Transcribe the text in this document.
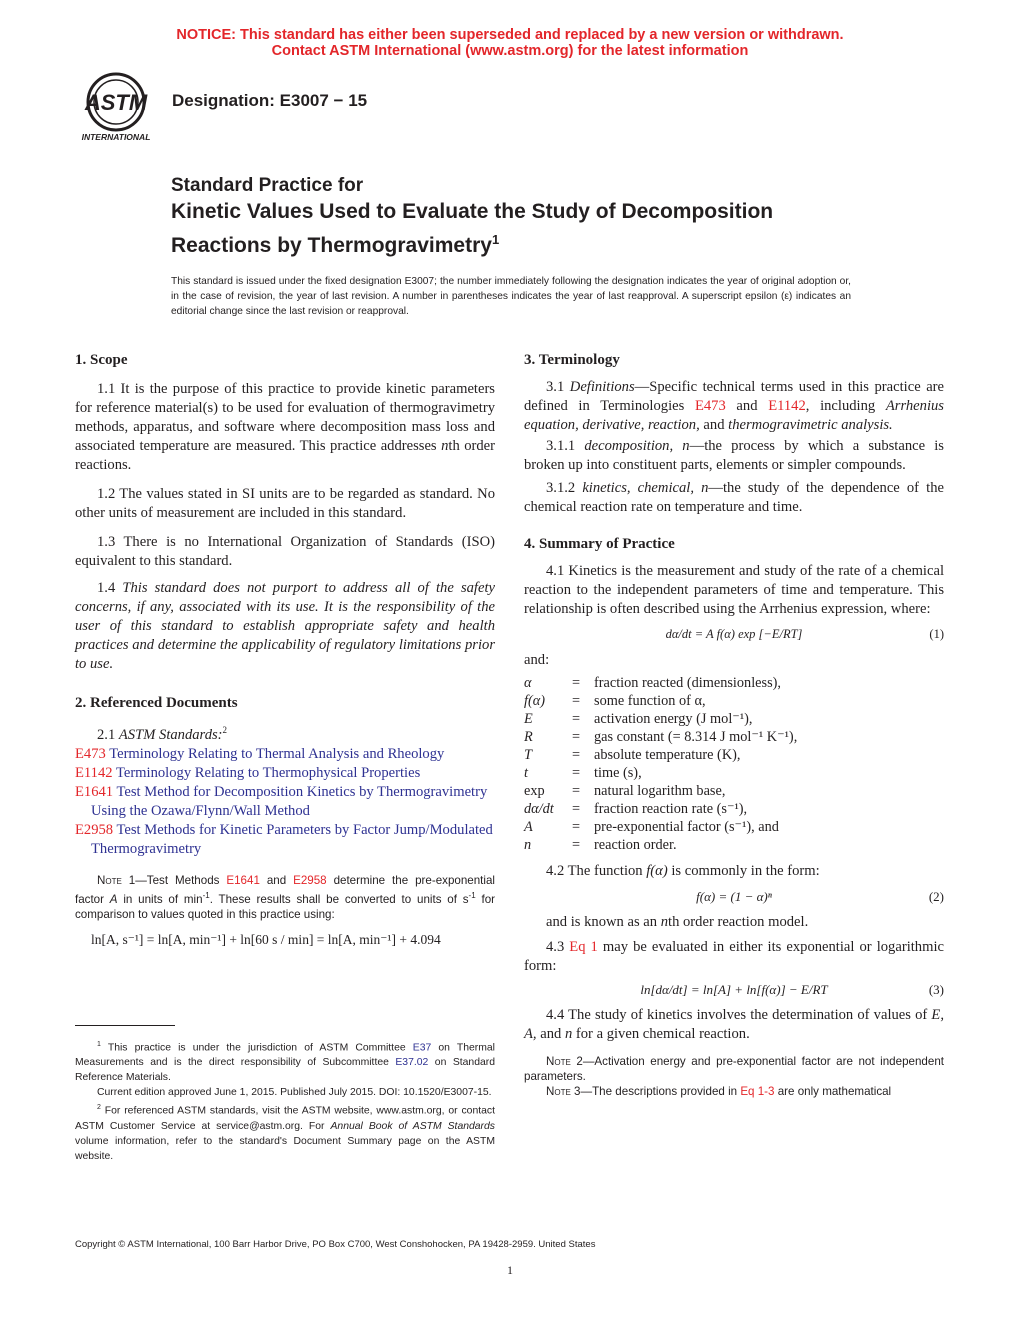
NOTICE: This standard has either been superseded and replaced by a new version or withdrawn.
Contact ASTM International (www.astm.org) for the latest information
ASTM
INTERNATIONAL
Designation: E3007 − 15
Standard Practice for
Kinetic Values Used to Evaluate the Study of Decomposition
Reactions by Thermogravimetry$^1$
This standard is issued under the fixed designation E3007; the number immediately following the designation indicates the year of original adoption or, in the case of revision, the year of last revision. A number in parentheses indicates the year of last reapproval. A superscript epsilon (ε) indicates an editorial change since the last revision or reapproval.
1. Scope

1.1 It is the purpose of this practice to provide kinetic parameters for reference material(s) to be used for evaluation of thermogravimetry methods, apparatus, and software where decomposition mass loss and associated temperature are measured. This practice addresses nth order reactions.

1.2 The values stated in SI units are to be regarded as standard. No other units of measurement are included in this standard.

1.3 There is no International Organization of Standards (ISO) equivalent to this standard.

1.4 This standard does not purport to address all of the safety concerns, if any, associated with its use. It is the responsibility of the user of this standard to establish appropriate safety and health practices and determine the applicability of regulatory limitations prior to use.

2. Referenced Documents

2.1 ASTM Standards:$^2$

E473 Terminology Relating to Thermal Analysis and Rheology
E1142 Terminology Relating to Thermophysical Properties
E1641 Test Method for Decomposition Kinetics by Thermogravimetry Using the Ozawa/Flynn/Wall Method
E2958 Test Methods for Kinetic Parameters by Factor Jump/Modulated Thermogravimetry

Note 1—Test Methods E1641 and E2958 determine the pre-exponential factor A in units of $\min^{-1}$. These results shall be converted to units of $s^{-1}$ for comparison to values quoted in this practice using:

ln[A, s⁻¹] = ln[A, min⁻¹] + ln[60 s / min] = ln[A, min⁻¹] + 4.094

$^1$ This practice is under the jurisdiction of ASTM Committee E37 on Thermal Measurements and is the direct responsibility of Subcommittee E37.02 on Standard Reference Materials.

Current edition approved June 1, 2015. Published July 2015. DOI: 10.1520/E3007-15.

$^2$ For referenced ASTM standards, visit the ASTM website, www.astm.org, or contact ASTM Customer Service at service@astm.org. For Annual Book of ASTM Standards volume information, refer to the standard's Document Summary page on the ASTM website.

3. Terminology

3.1 Definitions—Specific technical terms used in this practice are defined in Terminologies E473 and E1142, including Arrhenius equation, derivative, reaction, and thermogravimetric analysis.

3.1.1 decomposition, n—the process by which a substance is broken up into constituent parts, elements or simpler compounds.

3.1.2 kinetics, chemical, n—the study of the dependence of the chemical reaction rate on temperature and time.

4. Summary of Practice

4.1 Kinetics is the measurement and study of the rate of a chemical reaction to the independent parameters of time and temperature. This relationship is often described using the Arrhenius expression, where:

dα/dt = A f(α) exp [−E/RT]	(1)
and:
α	= fraction reacted (dimensionless),
f(α)	= some function of α,
E	= activation energy (J mol⁻¹),
R	= gas constant (= 8.314 J mol⁻¹ K⁻¹),
T	= absolute temperature (K),
t	= time (s),
exp	= natural logarithm base,
dα/dt	= fraction reaction rate (s⁻¹),
A	= pre-exponential factor (s⁻¹), and
n	= reaction order.

4.2 The function f(α) is commonly in the form:

f(α) = (1 − α)ⁿ	(2)

and is known as an nth order reaction model.

4.3 Eq 1 may be evaluated in either its exponential or logarithmic form:

ln[dα/dt] = ln[A] + ln[f(α)] − E/RT	(3)

4.4 The study of kinetics involves the determination of values of E, A, and n for a given chemical reaction.

Note 2—Activation energy and pre-exponential factor are not independent parameters.

Note 3—The descriptions provided in Eq 1-3 are only mathematical

Copyright © ASTM International, 100 Barr Harbor Drive, PO Box C700, West Conshohocken, PA 19428-2959. United States
1
